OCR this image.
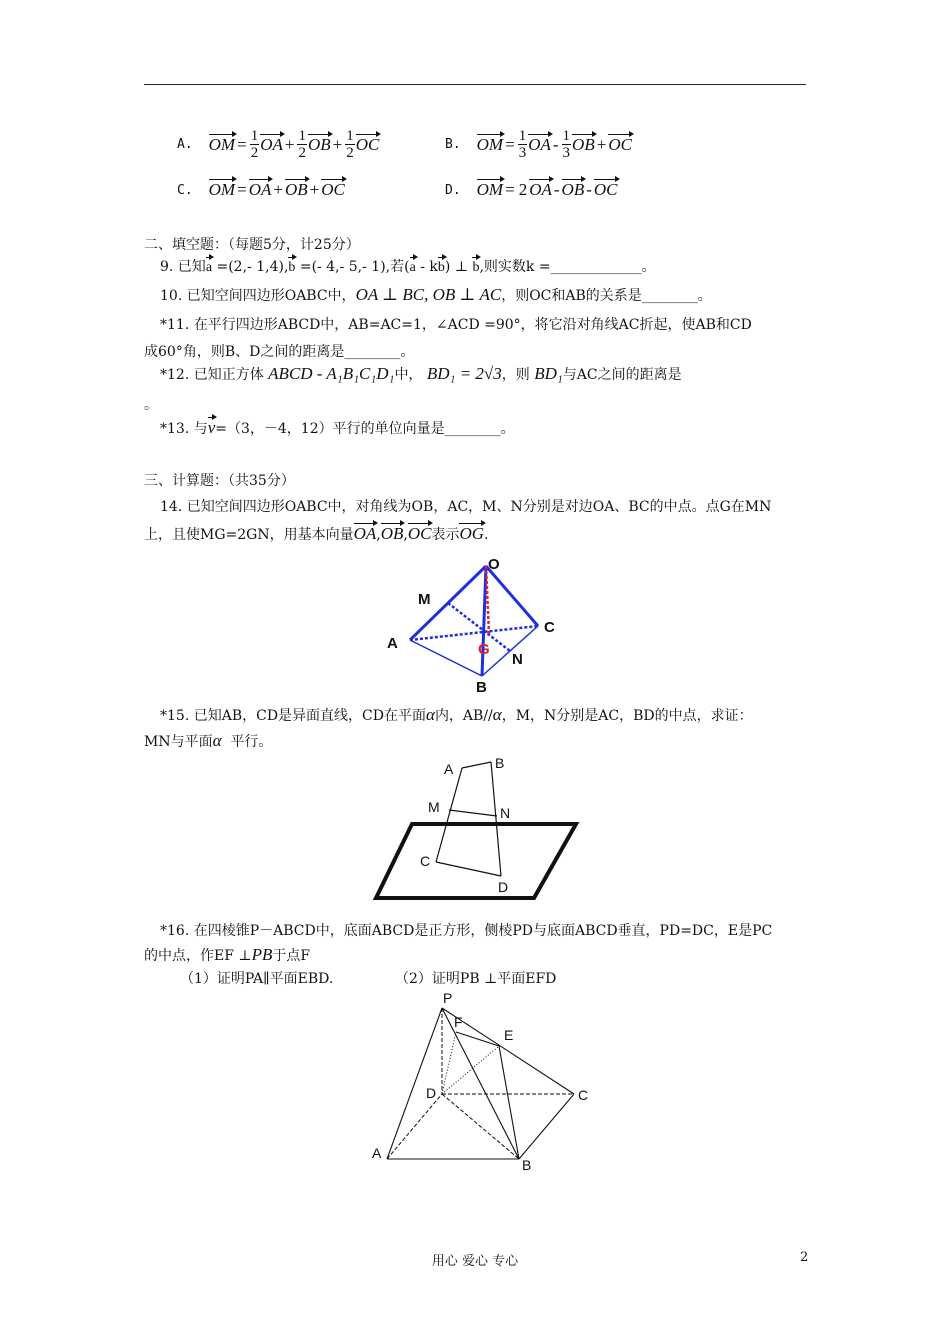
A. OM = $\frac{1}{2}$ OA + $\frac{1}{2}$ OB + $\frac{1}{2}$ OC	B. OM = $\frac{1}{3}$ OA - $\frac{1}{3}$ OB + OC
C. OM = OA + OB + OC	D. OM = 2 OA - OB - OC
二、填空题：（每题5分，计25分）
9. 已知a =(2,- 1,4),b =(- 4,- 5,- 1),若(a - kb) ⊥ b,则实数k =_____________。
10. 已知空间四边形OABC中，OA ⊥ BC, OB ⊥ AC，则OC和AB的关系是________。
*11. 在平行四边形ABCD中，AB=AC=1，∠ACD =90°，将它沿对角线AC折起，使AB和CD
成60°角，则B、D之间的距离是________。
*12. 已知正方体 ABCD - A₁B₁C₁D₁中， BD₁ = 2√3，则 BD₁与AC之间的距离是
。
*13. 与v=（3，－4，12）平行的单位向量是________。
三、计算题：（共35分）
14. 已知空间四边形OABC中，对角线为OB，AC，M、N分别是对边OA、BC的中点。点G在MN
上，且使MG=2GN，用基本向量OA,OB,OC表示OG.
O
M
A
C
G
N
B
*15. 已知AB，CD是异面直线，CD在平面α内，AB//α，M，N分别是AC，BD的中点，求证：
MN与平面α 平行。
A	B
M	N
C
D
*16. 在四棱锥P－ABCD中，底面ABCD是正方形，侧棱PD与底面ABCD垂直，PD=DC，E是PC
的中点，作EF ⊥PB于点F
（1）证明PA∥平面EBD.	（2）证明PB ⊥平面EFD
P
F
E
D	C
A
B
用心 爱心 专心	2
